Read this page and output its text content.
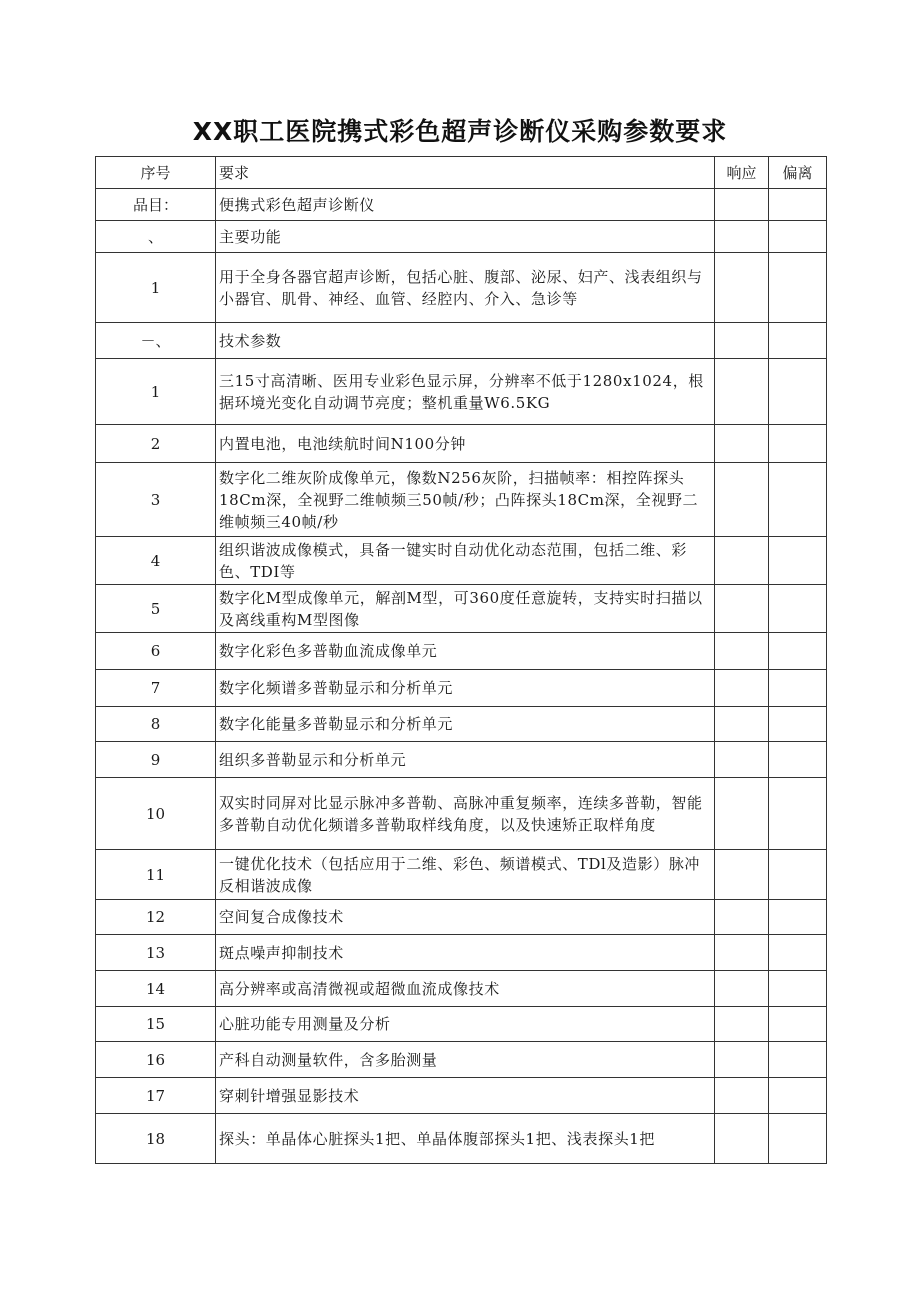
XX职工医院携式彩色超声诊断仪采购参数要求
序号	要求	响应	偏离
品目：	便携式彩色超声诊断仪		
、	主要功能		
1	用于全身各器官超声诊断，包括心脏、腹部、泌尿、妇产、浅表组织与小器官、肌骨、神经、血管、经腔内、介入、急诊等		
－、	技术参数		
1	三15寸高清晰、医用专业彩色显示屏，分辨率不低于1280x1024，根据环境光变化自动调节亮度；整机重量W6.5KG		
2	内置电池，电池续航时间N100分钟		
3	数字化二维灰阶成像单元，像数N256灰阶，扫描帧率：相控阵探头18Cm深，全视野二维帧频三50帧/秒；凸阵探头18Cm深，全视野二维帧频三40帧/秒		
4	组织谐波成像模式，具备一键实时自动优化动态范围，包括二维、彩色、TDI等		
5	数字化M型成像单元，解剖M型，可360度任意旋转，支持实时扫描以及离线重构M型图像		
6	数字化彩色多普勒血流成像单元		
7	数字化频谱多普勒显示和分析单元		
8	数字化能量多普勒显示和分析单元		
9	组织多普勒显示和分析单元		
10	双实时同屏对比显示脉冲多普勒、高脉冲重复频率，连续多普勒，智能多普勒自动优化频谱多普勒取样线角度，以及快速矫正取样角度		
11	一键优化技术（包括应用于二维、彩色、频谱模式、TDl及造影）脉冲反相谐波成像		
12	空间复合成像技术		
13	斑点噪声抑制技术		
14	高分辨率或高清微视或超微血流成像技术		
15	心脏功能专用测量及分析		
16	产科自动测量软件，含多胎测量		
17	穿刺针增强显影技术		
18	探头：单晶体心脏探头1把、单晶体腹部探头1把、浅表探头1把		
